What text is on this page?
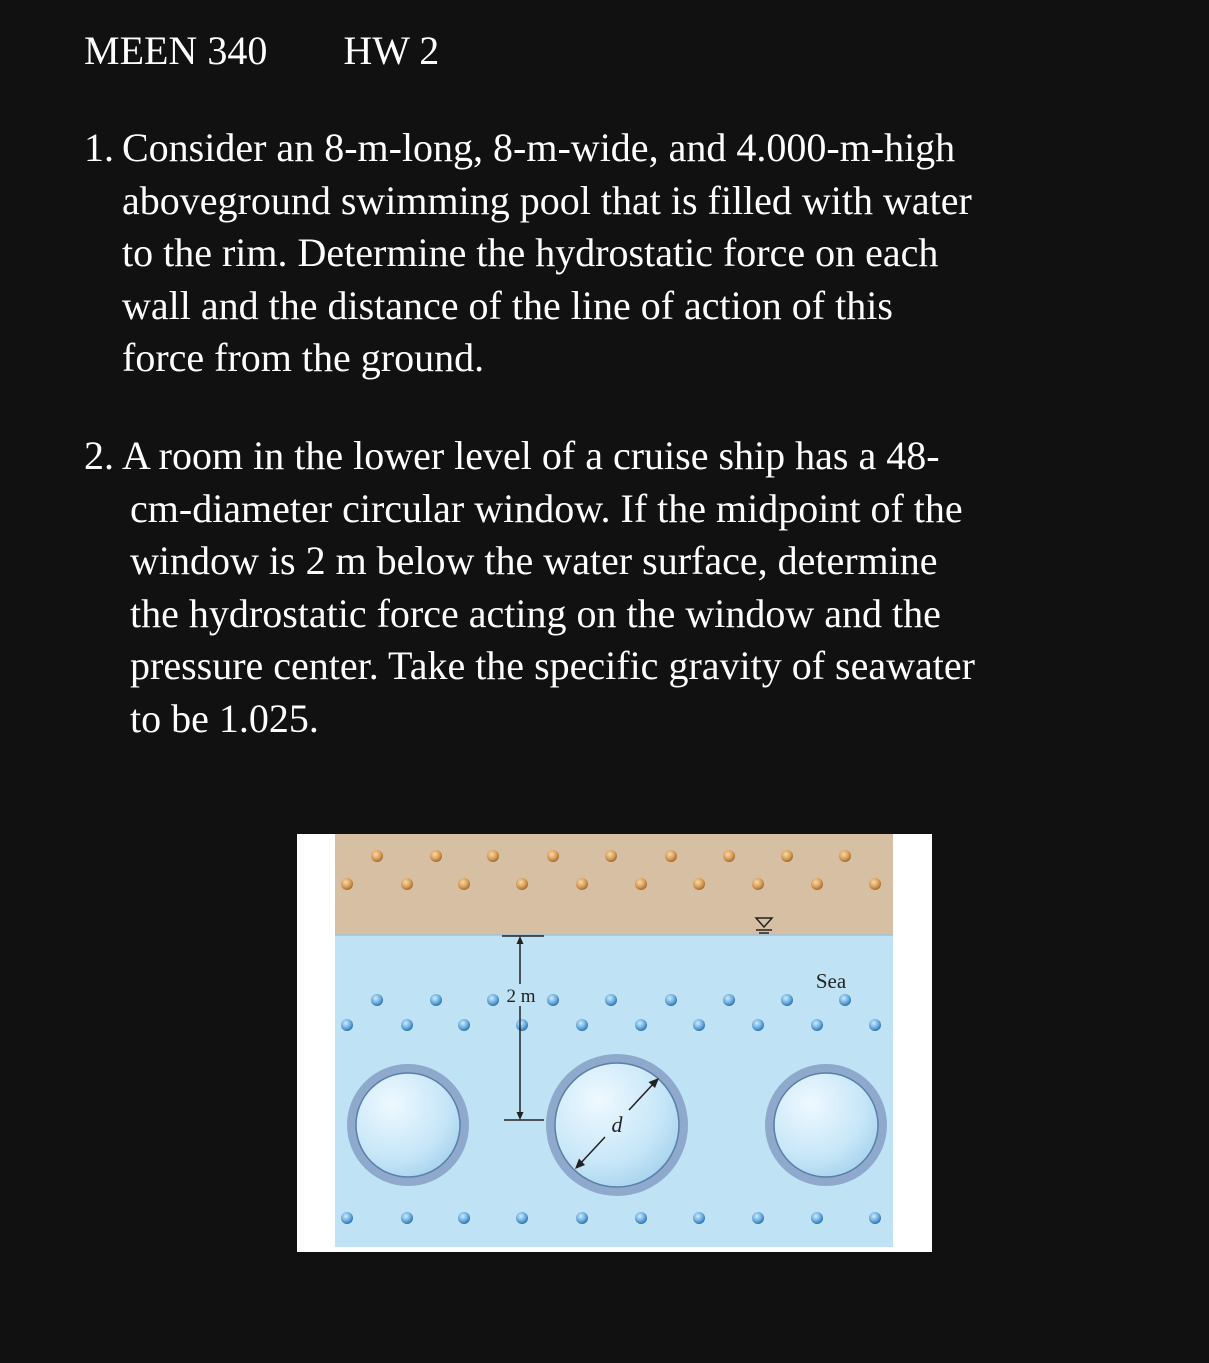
MEEN 340 HW 2
1. Consider an 8-m-long, 8-m-wide, and 4.000-m-high
aboveground swimming pool that is filled with water
to the rim. Determine the hydrostatic force on each
wall and the distance of the line of action of this
force from the ground.
2. A room in the lower level of a cruise ship has a 48-
cm-diameter circular window. If the midpoint of the
window is 2 m below the water surface, determine
the hydrostatic force acting on the window and the
pressure center. Take the specific gravity of seawater
to be 1.025.
2 m
d
Sea
